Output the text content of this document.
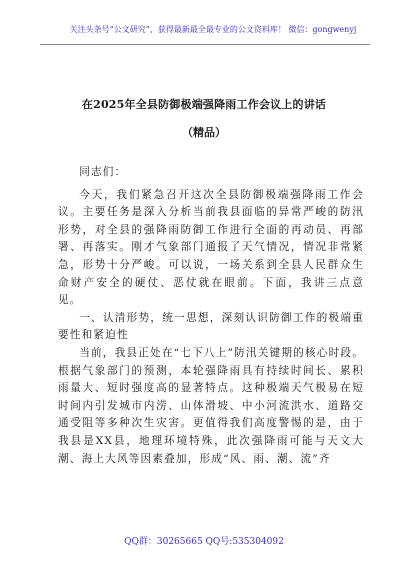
关注头条号“公文研究”，获得最新最全最专业的公文资料库！ 微信：gongwenyj
在2025年全县防御极端强降雨工作会议上的讲话
（精品）

同志们：

今天，我们紧急召开这次全县防御极端强降雨工作会议。主要任务是深入分析当前我县面临的异常严峻的防汛形势，对全县的强降雨防御工作进行全面的再动员、再部署、再落实。刚才气象部门通报了天气情况，情况非常紧急，形势十分严峻。可以说，一场关系到全县人民群众生命财产安全的硬仗、恶仗就在眼前。下面，我讲三点意见。

一、认清形势，统一思想，深刻认识防御工作的极端重要性和紧迫性

当前，我县正处在“七下八上”防汛关键期的核心时段。根据气象部门的预测，本轮强降雨具有持续时间长、累积雨量大、短时强度高的显著特点。这种极端天气极易在短时间内引发城市内涝、山体滑坡、中小河流洪水、道路交通受阻等多种次生灾害。更值得我们高度警惕的是，由于我县是XX县，地理环境特殊，此次强降雨可能与天文大潮、海上大风等因素叠加，形成“风、雨、潮、流”齐

QQ群：30265665 QQ号:535304092
